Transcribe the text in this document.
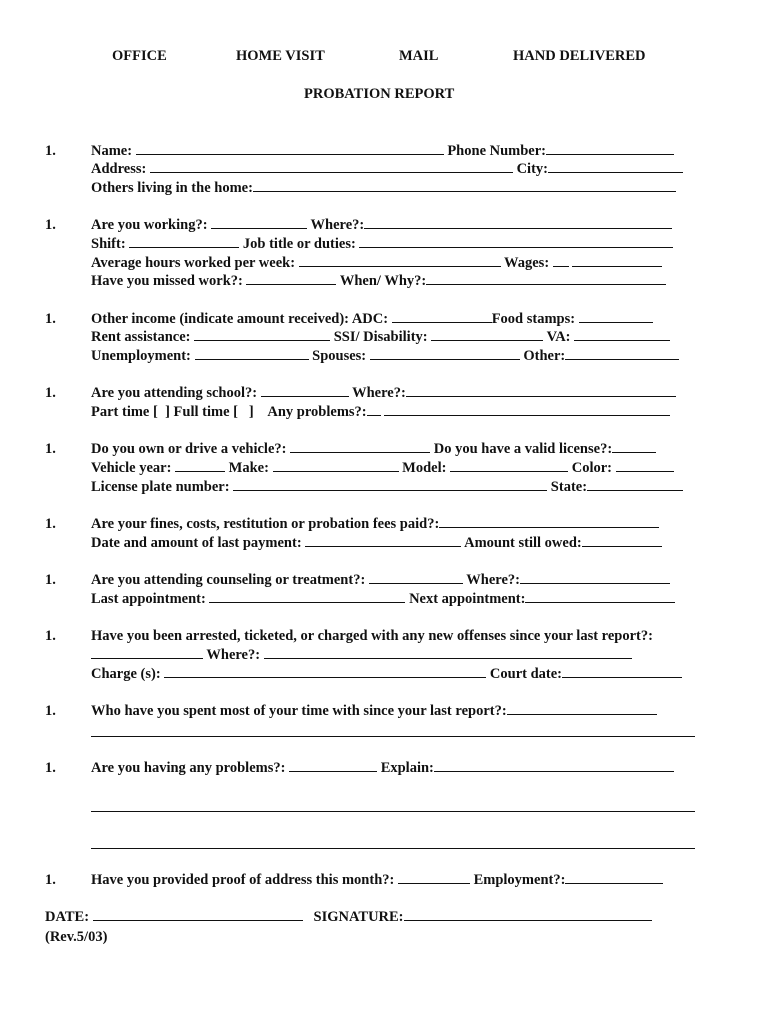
OFFICE	HOME VISIT	MAIL	HAND DELIVERED
PROBATION REPORT
1. Name:	Phone Number:
Address:	City:
Others living in the home:
1. Are you working?:	Where?:
Shift:	Job title or duties:
Average hours worked per week:	Wages:
Have you missed work?:	When/ Why?:
1. Other income (indicate amount received): ADC:	Food stamps:
Rent assistance:	SSI/ Disability:	VA:
Unemployment:	Spouses:	Other:
1. Are you attending school?:	Where?:
Part time [ ] Full time [ ] Any problems?:
1. Do you own or drive a vehicle?:	Do you have a valid license?:
Vehicle year:	Make:	Model:	Color:
License plate number:	State:
1. Are your fines, costs, restitution or probation fees paid?:
Date and amount of last payment:	Amount still owed:
1. Are you attending counseling or treatment?:	Where?:
Last appointment:	Next appointment:
1. Have you been arrested, ticketed, or charged with any new offenses since your last report?:
Where?:
Charge (s):	Court date:
1. Who have you spent most of your time with since your last report?:
1. Are you having any problems?:	Explain:
1. Have you provided proof of address this month?:	Employment?:
DATE:	SIGNATURE:
(Rev.5/03)
